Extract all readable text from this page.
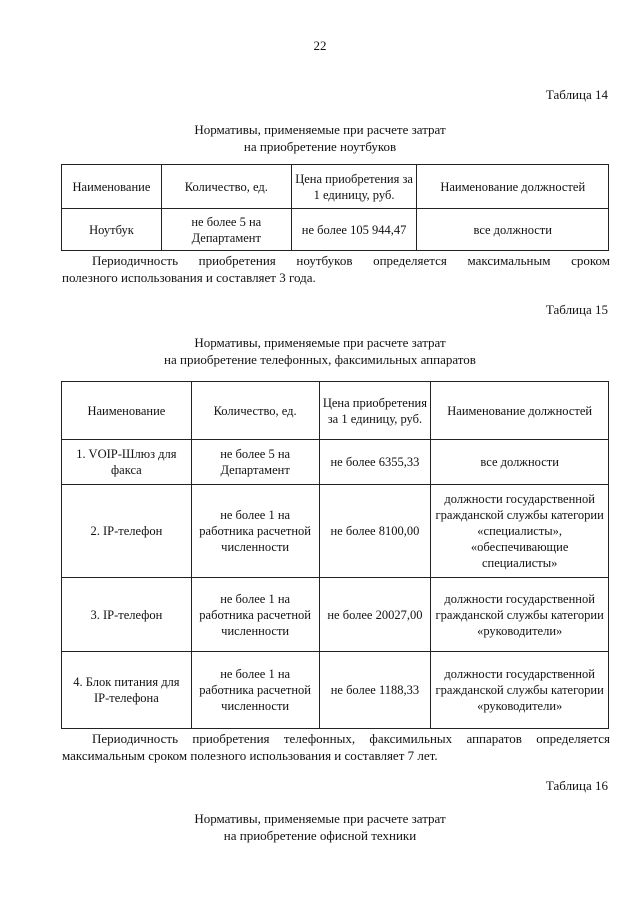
22
Таблица 14
Нормативы, применяемые при расчете затрат
на приобретение ноутбуков
Наименование	Количество, ед.	Цена приобретения за 1 единицу, руб.	Наименование должностей
Ноутбук	не более 5 на Департамент	не более 105 944,47	все должности
Периодичность приобретения ноутбуков определяется максимальным сроком
полезного использования и составляет 3 года.
Таблица 15
Нормативы, применяемые при расчете затрат
на приобретение телефонных, факсимильных аппаратов
Наименование	Количество, ед.	Цена приобретения за 1 единицу, руб.	Наименование должностей
1. VOIP-Шлюз для факса	не более 5 на Департамент	не более 6355,33	все должности
2. IP-телефон	не более 1 на работника расчетной численности	не более 8100,00	должности государственной гражданской службы категории «специалисты», «обеспечивающие специалисты»
3. IP-телефон	не более 1 на работника расчетной численности	не более 20027,00	должности государственной гражданской службы категории «руководители»
4. Блок питания для IP-телефона	не более 1 на работника расчетной численности	не более 1188,33	должности государственной гражданской службы категории «руководители»
Периодичность приобретения телефонных, факсимильных аппаратов определяется
максимальным сроком полезного использования и составляет 7 лет.
Таблица 16
Нормативы, применяемые при расчете затрат
на приобретение офисной техники
